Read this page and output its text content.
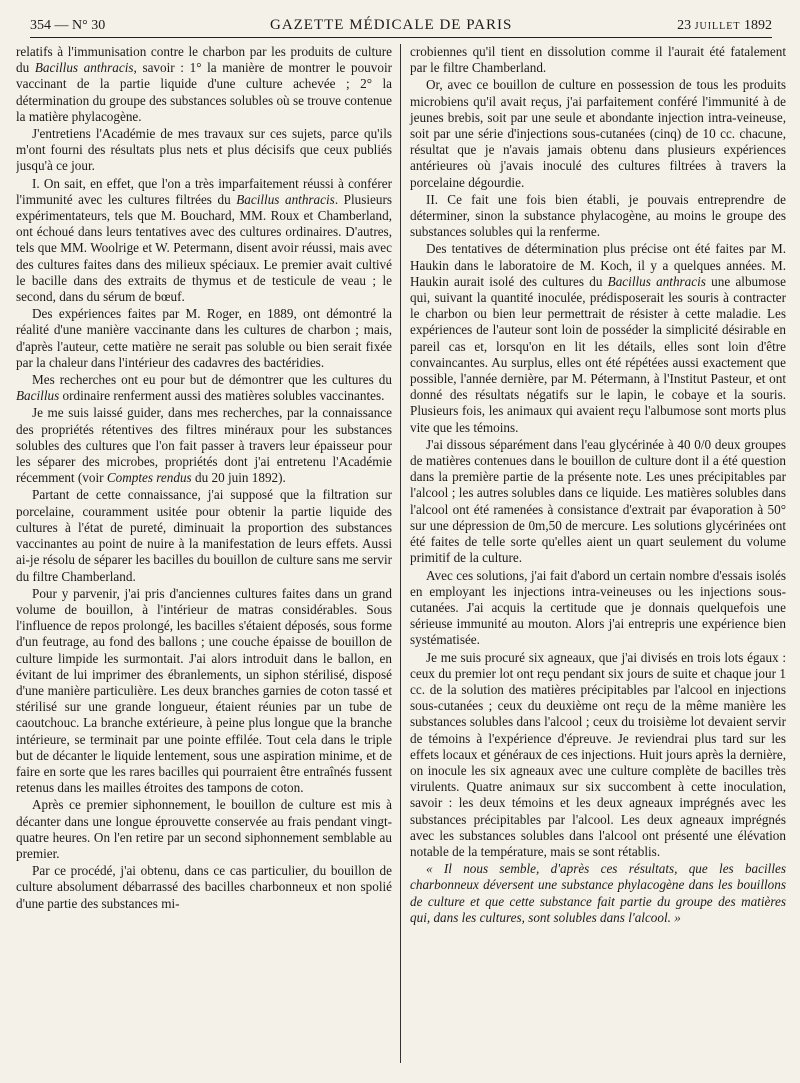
354 — N° 30	GAZETTE MÉDICALE DE PARIS	23 JUILLET 1892

relatifs à l'immunisation contre le charbon par les produits de culture du Bacillus anthracis, savoir : 1° la manière de montrer le pouvoir vaccinant de la partie liquide d'une culture achevée ; 2° la détermination du groupe des substances solubles où se trouve contenue la matière phylacogène.

J'entretiens l'Académie de mes travaux sur ces sujets, parce qu'ils m'ont fourni des résultats plus nets et plus décisifs que ceux publiés jusqu'à ce jour.

I. On sait, en effet, que l'on a très imparfaitement réussi à conférer l'immunité avec les cultures filtrées du Bacillus anthracis. Plusieurs expérimentateurs, tels que M. Bouchard, MM. Roux et Chamberland, ont échoué dans leurs tentatives avec des cultures ordinaires. D'autres, tels que MM. Woolrige et W. Petermann, disent avoir réussi, mais avec des cultures faites dans des milieux spéciaux. Le premier avait cultivé le bacille dans des extraits de thymus et de testicule de veau ; le second, dans du sérum de bœuf.

Des expériences faites par M. Roger, en 1889, ont démontré la réalité d'une manière vaccinante dans les cultures de charbon ; mais, d'après l'auteur, cette matière ne serait pas soluble ou bien serait fixée par la chaleur dans l'intérieur des cadavres des bactéridies.

Mes recherches ont eu pour but de démontrer que les cultures du Bacillus ordinaire renferment aussi des matières solubles vaccinantes.

Je me suis laissé guider, dans mes recherches, par la connaissance des propriétés rétentives des filtres minéraux pour les substances solubles des cultures que l'on fait passer à travers leur épaisseur pour les séparer des microbes, propriétés dont j'ai entretenu l'Académie récemment (voir Comptes rendus du 20 juin 1892).

Partant de cette connaissance, j'ai supposé que la filtration sur porcelaine, couramment usitée pour obtenir la partie liquide des cultures à l'état de pureté, diminuait la proportion des substances vaccinantes au point de nuire à la manifestation de leurs effets. Aussi ai-je résolu de séparer les bacilles du bouillon de culture sans me servir du filtre Chamberland.

Pour y parvenir, j'ai pris d'anciennes cultures faites dans un grand volume de bouillon, à l'intérieur de matras considérables. Sous l'influence de repos prolongé, les bacilles s'étaient déposés, sous forme d'un feutrage, au fond des ballons ; une couche épaisse de bouillon de culture limpide les surmontait. J'ai alors introduit dans le ballon, en évitant de lui imprimer des ébranlements, un siphon stérilisé, disposé d'une manière particulière. Les deux branches garnies de coton tassé et stérilisé sur une grande longueur, étaient réunies par un tube de caoutchouc. La branche extérieure, à peine plus longue que la branche intérieure, se terminait par une pointe effilée. Tout cela dans le triple but de décanter le liquide lentement, sous une aspiration minime, et de faire en sorte que les rares bacilles qui pourraient être entraînés fussent retenus dans les mailles étroites des tampons de coton.

Après ce premier siphonnement, le bouillon de culture est mis à décanter dans une longue éprouvette conservée au frais pendant vingt-quatre heures. On l'en retire par un second siphonnement semblable au premier.

Par ce procédé, j'ai obtenu, dans ce cas particulier, du bouillon de culture absolument débarrassé des bacilles charbonneux et non spolié d'une partie des substances mi-

crobiennes qu'il tient en dissolution comme il l'aurait été fatalement par le filtre Chamberland.

Or, avec ce bouillon de culture en possession de tous les produits microbiens qu'il avait reçus, j'ai parfaitement conféré l'immunité à de jeunes brebis, soit par une seule et abondante injection intra-veineuse, soit par une série d'injections sous-cutanées (cinq) de 10 cc. chacune, résultat que je n'avais jamais obtenu dans plusieurs expériences antérieures où j'avais inoculé des cultures filtrées à travers la porcelaine dégourdie.

II. Ce fait une fois bien établi, je pouvais entreprendre de déterminer, sinon la substance phylacogène, au moins le groupe des substances solubles qui la renferme.

Des tentatives de détermination plus précise ont été faites par M. Haukin dans le laboratoire de M. Koch, il y a quelques années. M. Haukin aurait isolé des cultures du Bacillus anthracis une albumose qui, suivant la quantité inoculée, prédisposerait les souris à contracter le charbon ou bien leur permettrait de résister à cette maladie. Les expériences de l'auteur sont loin de posséder la simplicité désirable en pareil cas et, lorsqu'on en lit les détails, elles sont loin d'être convaincantes. Au surplus, elles ont été répétées aussi exactement que possible, l'année dernière, par M. Pétermann, à l'Institut Pasteur, et ont donné des résultats négatifs sur le lapin, le cobaye et la souris. Plusieurs fois, les animaux qui avaient reçu l'albumose sont morts plus vite que les témoins.

J'ai dissous séparément dans l'eau glycérinée à 40 0/0 deux groupes de matières contenues dans le bouillon de culture dont il a été question dans la première partie de la présente note. Les unes précipitables par l'alcool ; les autres solubles dans ce liquide. Les matières solubles dans l'alcool ont été ramenées à consistance d'extrait par évaporation à 50° sur une dépression de 0m,50 de mercure. Les solutions glycérinées ont été faites de telle sorte qu'elles aient un quart seulement du volume primitif de la culture.

Avec ces solutions, j'ai fait d'abord un certain nombre d'essais isolés en employant les injections intra-veineuses ou les injections sous-cutanées. J'ai acquis la certitude que je donnais quelquefois une sérieuse immunité au mouton. Alors j'ai entrepris une expérience bien systématisée.

Je me suis procuré six agneaux, que j'ai divisés en trois lots égaux : ceux du premier lot ont reçu pendant six jours de suite et chaque jour 1 cc. de la solution des matières précipitables par l'alcool en injections sous-cutanées ; ceux du deuxième ont reçu de la même manière les substances solubles dans l'alcool ; ceux du troisième lot devaient servir de témoins à l'expérience d'épreuve. Je reviendrai plus tard sur les effets locaux et généraux de ces injections. Huit jours après la dernière, on inocule les six agneaux avec une culture complète de bacilles très virulents. Quatre animaux sur six succombent à cette inoculation, savoir : les deux témoins et les deux agneaux imprégnés avec les substances précipitables par l'alcool. Les deux agneaux imprégnés avec les substances solubles dans l'alcool ont présenté une élévation notable de la température, mais se sont rétablis.

« Il nous semble, d'après ces résultats, que les bacilles charbonneux déversent une substance phylacogène dans les bouillons de culture et que cette substance fait partie du groupe des matières qui, dans les cultures, sont solubles dans l'alcool. »
